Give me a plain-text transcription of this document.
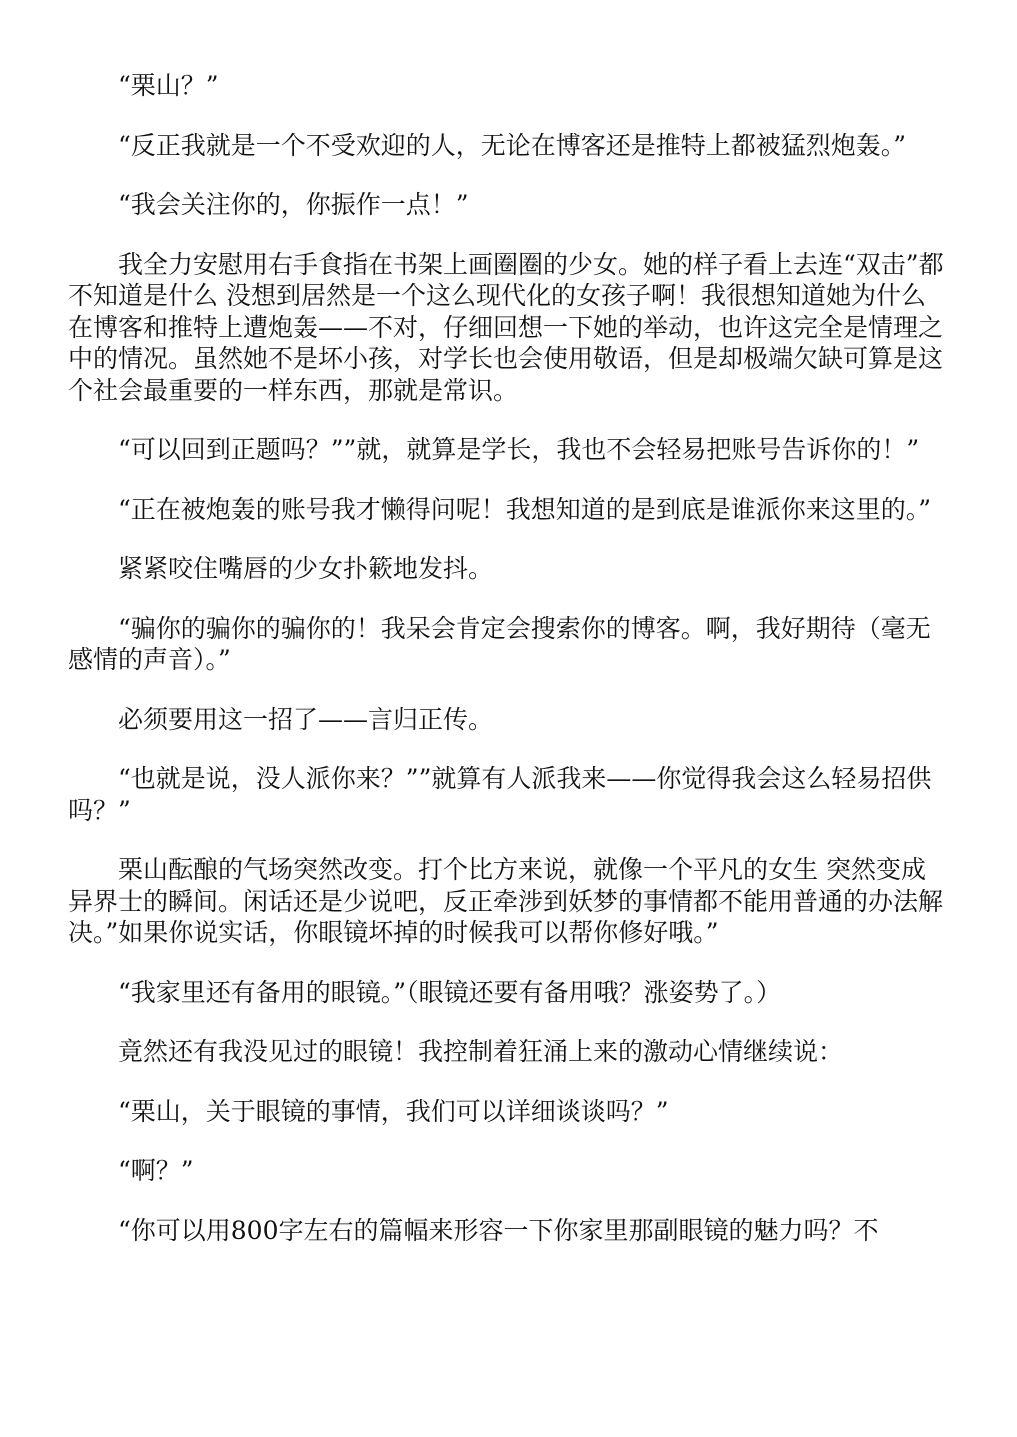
“栗山？”

“反正我就是一个不受欢迎的人，无论在博客还是推特上都被猛烈炮轰。”

“我会关注你的，你振作一点！”

我全力安慰用右手食指在书架上画圈圈的少女。她的样子看上去连“双击”都不知道是什么 没想到居然是一个这么现代化的女孩子啊！我很想知道她为什么在博客和推特上遭炮轰——不对，仔细回想一下她的举动，也许这完全是情理之中的情况。虽然她不是坏小孩，对学长也会使用敬语，但是却极端欠缺可算是这个社会最重要的一样东西，那就是常识。

“可以回到正题吗？””就，就算是学长，我也不会轻易把账号告诉你的！”

“正在被炮轰的账号我才懒得问呢！我想知道的是到底是谁派你来这里的。”

紧紧咬住嘴唇的少女扑簌地发抖。

“骗你的骗你的骗你的！我呆会肯定会搜索你的博客。啊，我好期待（毫无感情的声音）。”

必须要用这一招了——言归正传。

“也就是说，没人派你来？””就算有人派我来——你觉得我会这么轻易招供吗？”

栗山酝酿的气场突然改变。打个比方来说，就像一个平凡的女生 突然变成异界士的瞬间。闲话还是少说吧，反正牵涉到妖梦的事情都不能用普通的办法解决。”如果你说实话，你眼镜坏掉的时候我可以帮你修好哦。”

“我家里还有备用的眼镜。”（眼镜还要有备用哦？涨姿势了。）

竟然还有我没见过的眼镜！我控制着狂涌上来的激动心情继续说：

“栗山，关于眼镜的事情，我们可以详细谈谈吗？”

“啊？”

“你可以用800字左右的篇幅来形容一下你家里那副眼镜的魅力吗？不
